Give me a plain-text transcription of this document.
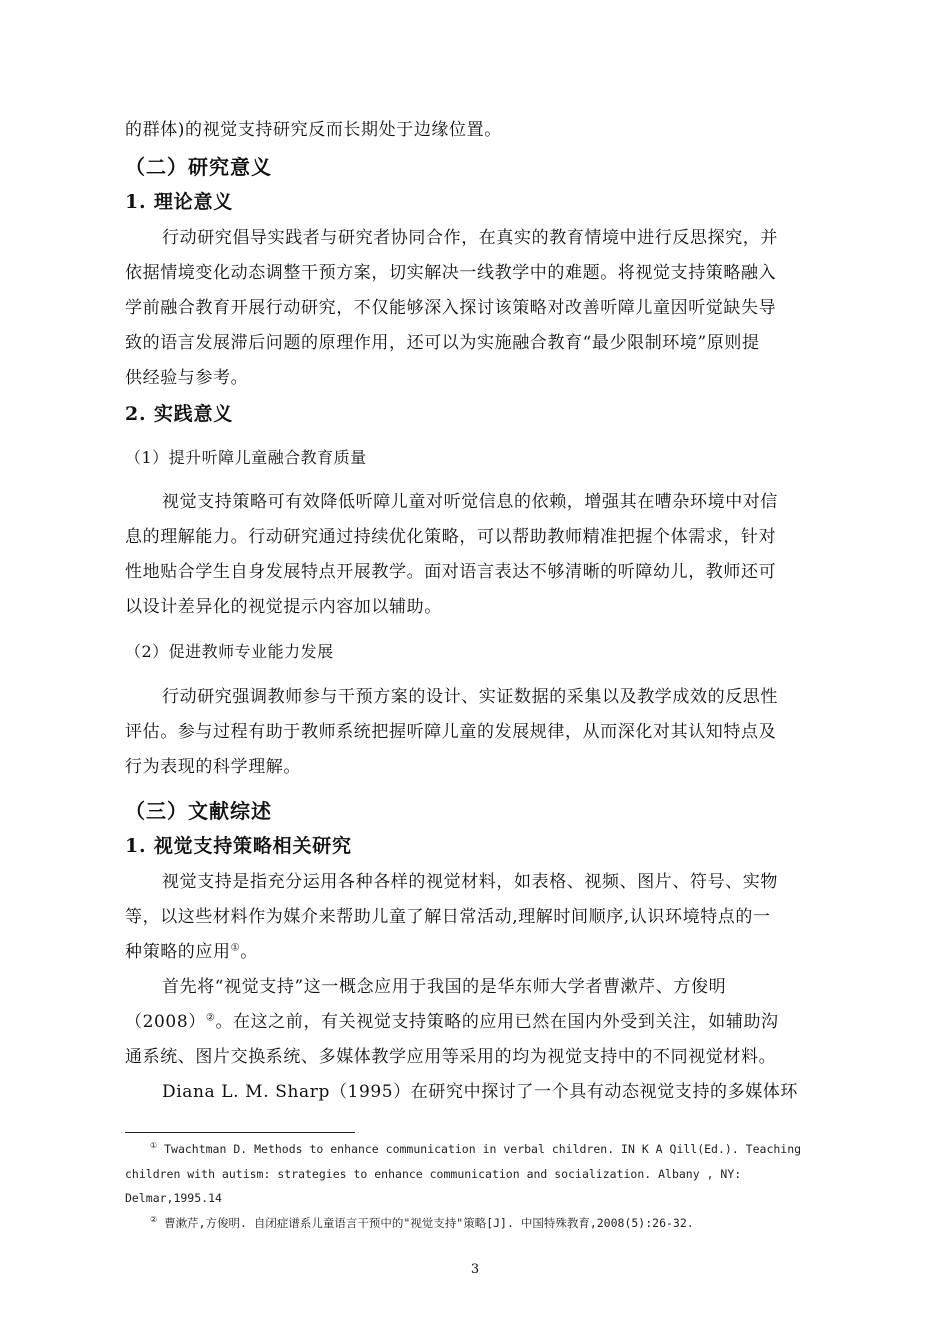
的群体)的视觉支持研究反而长期处于边缘位置。
（二）研究意义
1. 理论意义
行动研究倡导实践者与研究者协同合作，在真实的教育情境中进行反思探究，并
依据情境变化动态调整干预方案，切实解决一线教学中的难题。将视觉支持策略融入
学前融合教育开展行动研究，不仅能够深入探讨该策略对改善听障儿童因听觉缺失导
致的语言发展滞后问题的原理作用，还可以为实施融合教育“最少限制环境”原则提
供经验与参考。
2. 实践意义
（1）提升听障儿童融合教育质量
视觉支持策略可有效降低听障儿童对听觉信息的依赖，增强其在嘈杂环境中对信
息的理解能力。行动研究通过持续优化策略，可以帮助教师精准把握个体需求，针对
性地贴合学生自身发展特点开展教学。面对语言表达不够清晰的听障幼儿，教师还可
以设计差异化的视觉提示内容加以辅助。
（2）促进教师专业能力发展
行动研究强调教师参与干预方案的设计、实证数据的采集以及教学成效的反思性
评估。参与过程有助于教师系统把握听障儿童的发展规律，从而深化对其认知特点及
行为表现的科学理解。
（三）文献综述
1. 视觉支持策略相关研究
视觉支持是指充分运用各种各样的视觉材料，如表格、视频、图片、符号、实物
等，以这些材料作为媒介来帮助儿童了解日常活动,理解时间顺序,认识环境特点的一
种策略的应用①。
首先将“视觉支持”这一概念应用于我国的是华东师大学者曹漱芹、方俊明
（2008）②。在这之前，有关视觉支持策略的应用已然在国内外受到关注，如辅助沟
通系统、图片交换系统、多媒体教学应用等采用的均为视觉支持中的不同视觉材料。
Diana L. M. Sharp（1995）在研究中探讨了一个具有动态视觉支持的多媒体环
① Twachtman D. Methods to enhance communication in verbal children. IN K A Qill(Ed.). Teaching
children with autism: strategies to enhance communication and socialization. Albany , NY:
Delmar,1995.14
② 曹漱芹,方俊明. 自闭症谱系儿童语言干预中的"视觉支持"策略[J]. 中国特殊教育,2008(5):26-32.
3
